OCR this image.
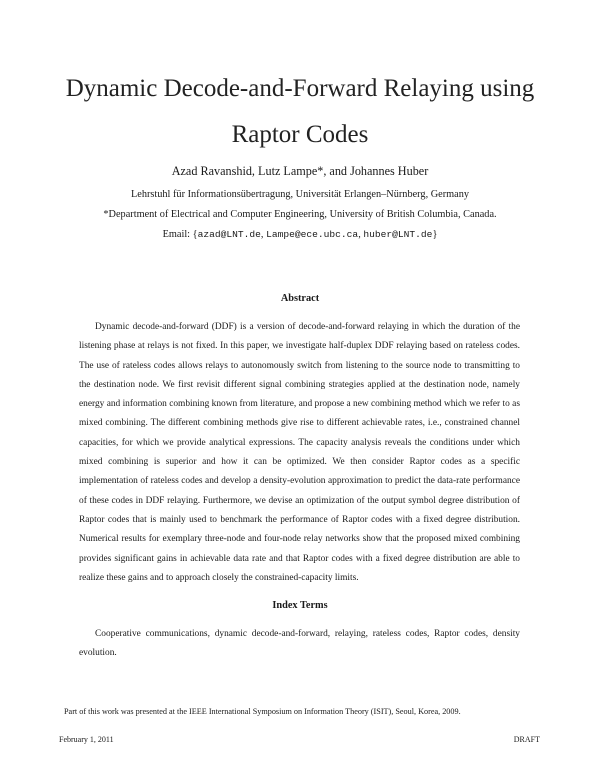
Dynamic Decode-and-Forward Relaying using Raptor Codes
Azad Ravanshid, Lutz Lampe*, and Johannes Huber
Lehrstuhl für Informationsübertragung, Universität Erlangen–Nürnberg, Germany
*Department of Electrical and Computer Engineering, University of British Columbia, Canada.
Email: {azad@LNT.de, Lampe@ece.ubc.ca, huber@LNT.de}
Abstract

Dynamic decode-and-forward (DDF) is a version of decode-and-forward relaying in which the duration of the listening phase at relays is not fixed. In this paper, we investigate half-duplex DDF relaying based on rateless codes. The use of rateless codes allows relays to autonomously switch from listening to the source node to transmitting to the destination node. We first revisit different signal combining strategies applied at the destination node, namely energy and information combining known from literature, and propose a new combining method which we refer to as mixed combining. The different combining methods give rise to different achievable rates, i.e., constrained channel capacities, for which we provide analytical expressions. The capacity analysis reveals the conditions under which mixed combining is superior and how it can be optimized. We then consider Raptor codes as a specific implementation of rateless codes and develop a density-evolution approximation to predict the data-rate performance of these codes in DDF relaying. Furthermore, we devise an optimization of the output symbol degree distribution of Raptor codes that is mainly used to benchmark the performance of Raptor codes with a fixed degree distribution. Numerical results for exemplary three-node and four-node relay networks show that the proposed mixed combining provides significant gains in achievable data rate and that Raptor codes with a fixed degree distribution are able to realize these gains and to approach closely the constrained-capacity limits.

Index Terms

Cooperative communications, dynamic decode-and-forward, relaying, rateless codes, Raptor codes, density evolution.

Part of this work was presented at the IEEE International Symposium on Information Theory (ISIT), Seoul, Korea, 2009.
February 1, 2011	DRAFT
